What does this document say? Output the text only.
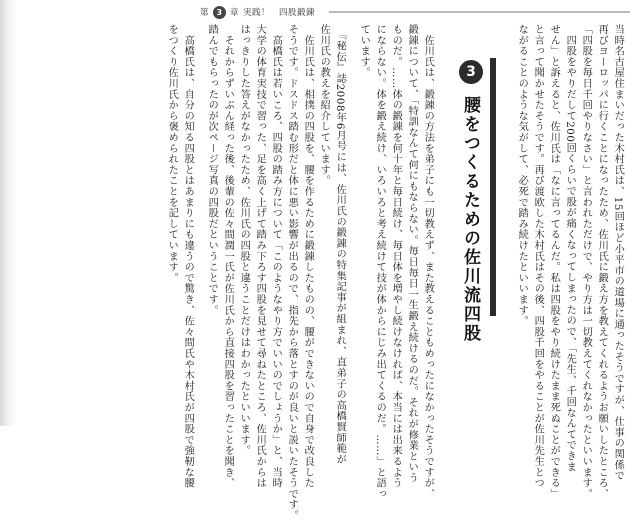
第 3 章 実践！　四股鍛錬
当時名古屋住まいだった木村氏は、15回ほど小平市の道場に通ったそうですが、仕事の関係で
再びヨーロッパに行くことになったため、佐川氏に鍛え方を教えてくれるようお願いしたところ、
「四股を毎日千回やりなさい」と言われただけで、やり方は一切教えてくれなかったといいます。
　四股をやりだして200回くらいで股が痛くなってしまったので、「先生、千回なんてできま
せん」と訴えると、佐川氏は「なに言ってるんだ。私は四股をやり続けたまま死ぬことができる」
と言って聞かせたそうです。再び渡欧した木村氏はその後、四股千回をやることが佐川先生とつ
ながることのような気がして、必死で踏み続けたといいます。
　佐川氏は、鍛錬の方法を弟子にも一切教えず、また教えることもめったになかったそうですが、
鍛錬について、「特訓なんて何にもならない。毎日毎日一生鍛え続けるのだ。それが修業という
ものだ。……体の鍛錬を何十年と毎日続け、毎日体を増やし続けなければ、本当には出来るよう
にならない。体を鍛え続け、いろいろと考え続けて技が体からにじみ出てくるのだ。……」と語っ
ています。
　『秘伝』誌2008年6月号には、佐川氏の鍛錬の特集記事が組まれ、直弟子の高橋賢師範が
佐川氏の教えを紹介しています。
　佐川氏は、相撲の四股を、腰を作るために鍛錬したものの、腰ができないので自身で改良した
そうです。ドスドス踏む形だと体に悪い影響が出るので、指先から落とすのが良いと説いたそうです。
　高橋氏は若いころ、四股の踏み方について「このようなやり方でいいのでしょうか」と、当時
大学の体育実技で習った、足を高く上げて踏み下ろす四股を見せて尋ねたところ、佐川氏からは
はっきりした答えがなかったため、佐川氏の四股と違うことだけはわかったといいます。
　それからずいぶん経った後、後輩の佐々間潤一氏が佐川氏から直接四股を習ったことを聞き、
踏んでもらったのが次ページ写真の四股だということです。
　高橋氏は、自分の知る四股とはあまりにも違うので驚き、佐々間氏や木村氏が四股で強靭な腰
をつくり佐川氏から褒められたことを記しています。	3
腰をつくるための佐川流四股
